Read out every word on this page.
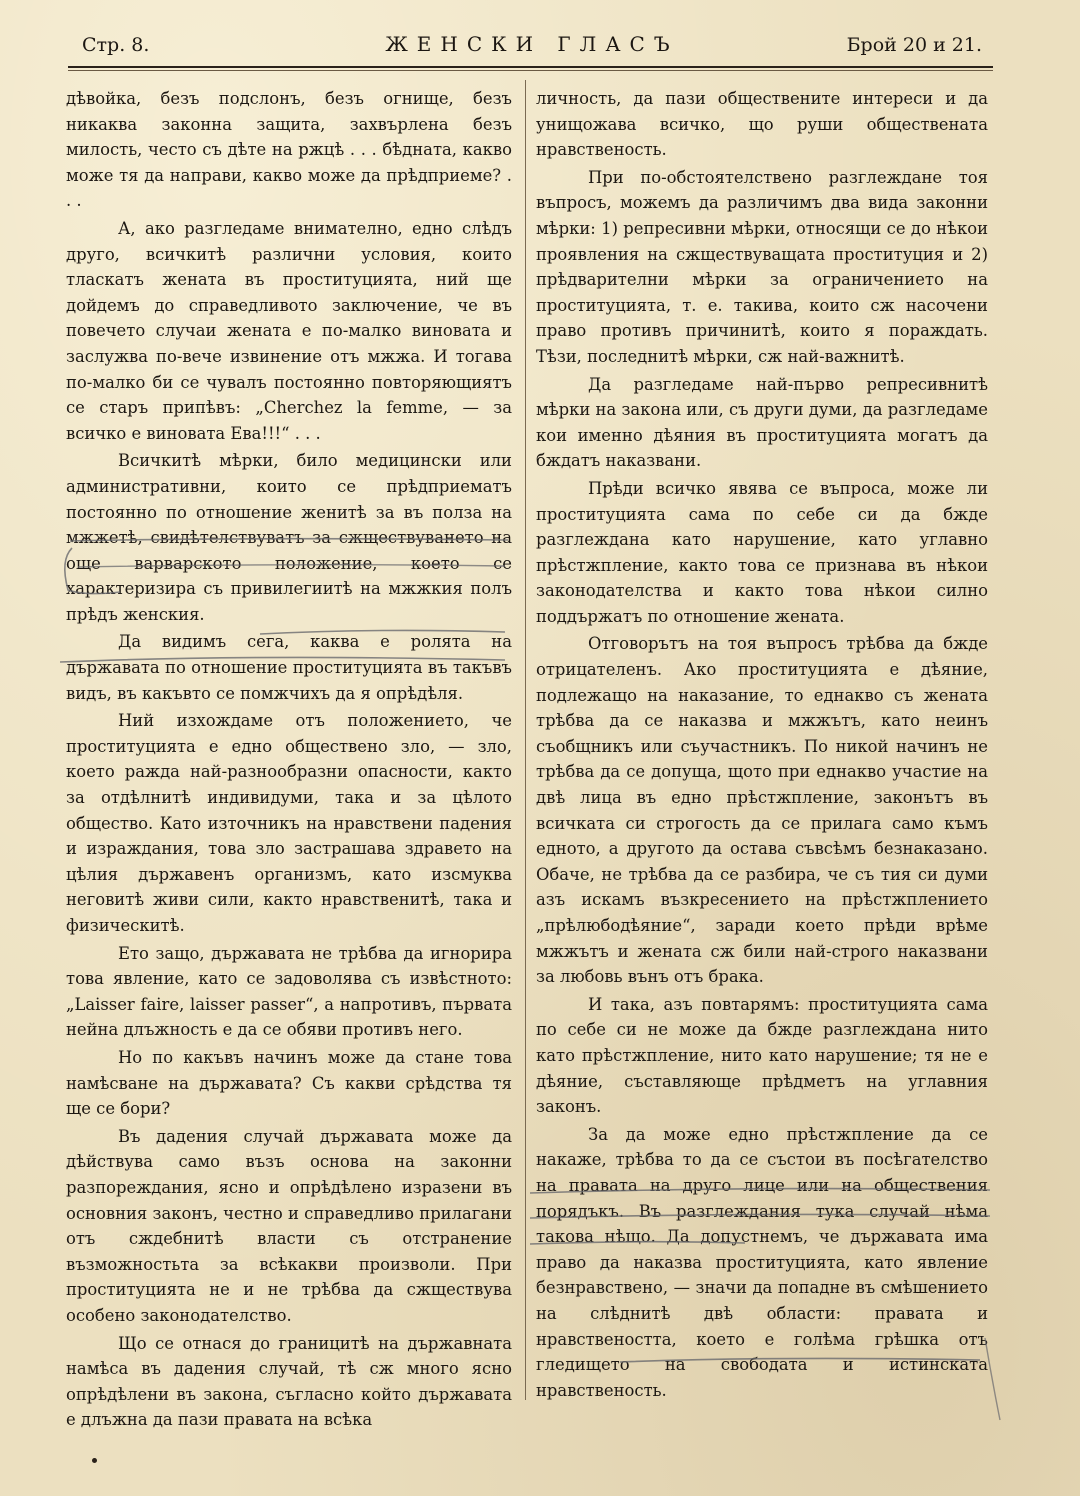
Стр. 8.	ЖЕНСКИ ГЛАСЪ	Брой 20 и 21.

дѣвойка, безъ подслонъ, безъ огнище, безъ никаква законна защита, захвърлена безъ милость, често съ дѣте на ржцѣ . . . бѣдната, какво може тя да направи, какво може да прѣдприеме? . . .

А, ако разгледаме внимателно, едно слѣдъ друго, всичкитѣ различни условия, които тласкатъ жената въ проституцията, ний ще дойдемъ до справедливото заключение, че въ повечето случаи жената е по-малко виновата и заслужва по-вече извинение отъ мжжа. И тогава по-малко би се чувалъ постоянно повторяющиятъ се старъ припѣвъ: „Cherchez la femme, — за всичко е виновата Ева!!!“ . . .

Всичкитѣ мѣрки, било медицински или административни, които се прѣдприематъ постоянно по отношение женитѣ за въ полза на мжжетѣ, свидѣтелствуватъ за сжществуването на още варварското положение, което се характеризира съ привилегиитѣ на мжжкия полъ прѣдъ женския.

Да видимъ сега, каква е ролята на държавата по отношение проституцията въ такъвъ видъ, въ какъвто се помжчихъ да я опрѣдѣля.

Ний изхождаме отъ положението, че проституцията е едно обществено зло, — зло, което ражда най-разнообразни опасности, както за отдѣлнитѣ индивидуми, така и за цѣлото общество. Като източникъ на нравствени падения и израждания, това зло застрашава здравето на цѣлия държавенъ организмъ, като изсмуква неговитѣ живи сили, както нравственитѣ, така и физическитѣ.

Ето защо, държавата не трѣбва да игнорира това явление, като се задоволява съ извѣстното: „Laisser faire, laisser passer“, а напротивъ, първата нейна длъжность е да се обяви противъ него.

Но по какъвъ начинъ може да стане това намѣсване на държавата? Съ какви срѣдства тя ще се бори?

Въ дадения случай държавата може да дѣйствува само възъ основа на законни разпореждания, ясно и опрѣдѣлено изразени въ основния законъ, честно и справедливо прилагани отъ сждебнитѣ власти съ отстранение възможностьта за всѣкакви произволи. При проституцията не и не трѣбва да сжществува особено законодателство.

Що се отнася до границитѣ на държавната намѣса въ дадения случай, тѣ сж много ясно опрѣдѣлени въ закона, съгласно който държавата е длъжна да пази правата на всѣка

личность, да пази обществените интереси и да унищожава всичко, що руши обществената нравственость.

При по-обстоятелствено разглеждане тоя въпросъ, можемъ да различимъ два вида законни мѣрки: 1) репресивни мѣрки, относящи се до нѣкои проявления на сжществуващата проституция и 2) прѣдварителни мѣрки за ограничението на проституцията, т. е. такива, които сж насочени право противъ причинитѣ, които я пораждать. Тѣзи, последнитѣ мѣрки, сж най-важнитѣ.

Да разгледаме най-първо репресивнитѣ мѣрки на закона или, съ други думи, да разгледаме кои именно дѣяния въ проституцията могатъ да бждатъ наказвани.

Прѣди всичко явява се въпроса, може ли проституцията сама по себе си да бжде разглеждана като нарушение, като углавно прѣстжпление, както това се признава въ нѣкои законодателства и както това нѣкои силно поддържатъ по отношение жената.

Отговорътъ на тоя въпросъ трѣбва да бжде отрицателенъ. Ако проституцията е дѣяние, подлежащо на наказание, то еднакво съ жената трѣбва да се наказва и мжжътъ, като неинъ съобщникъ или съучастникъ. По никой начинъ не трѣбва да се допуща, щото при еднакво участие на двѣ лица въ едно прѣстжпление, законътъ въ всичката си строгость да се прилага само къмъ едното, а другото да остава съвсѣмъ безнаказано. Обаче, не трѣбва да се разбира, че съ тия си думи азъ искамъ възкресението на прѣстжплението „прѣлюбодѣяние“, заради което прѣди врѣме мжжътъ и жената сж били най-строго наказвани за любовь вънъ отъ брака.

И така, азъ повтарямъ: проституцията сама по себе си не може да бжде разглеждана нито като прѣстжпление, нито като нарушение; тя не е дѣяние, съставляюще прѣдметъ на углавния законъ.

За да може едно прѣстжпление да се накаже, трѣбва то да се състои въ посѣгателство на правата на друго лице или на обществения порядъкъ. Въ разглеждания тука случай нѣма такова нѣщо. Да допустнемъ, че държавата има право да наказва проституцията, като явление безнравствено, — значи да попадне въ смѣшението на слѣднитѣ двѣ области: правата и нравствеността, което е голѣма грѣшка отъ гледището на свободата и истинската нравственость.
